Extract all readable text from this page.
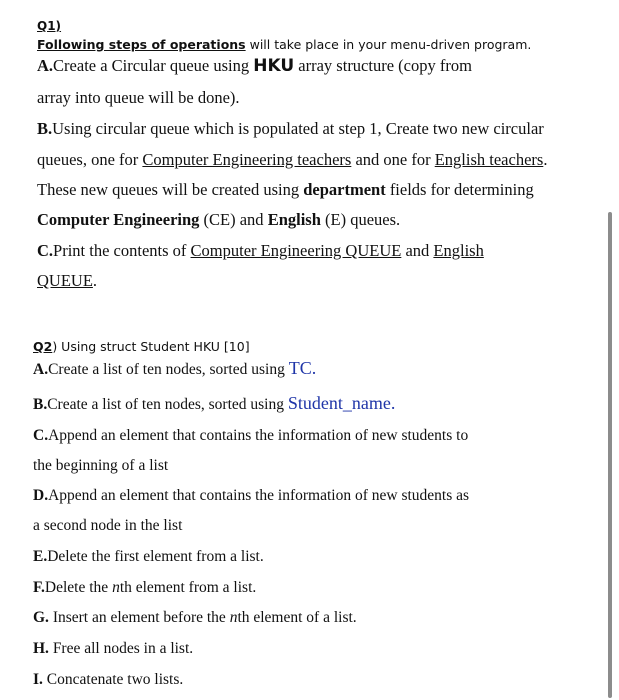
Q1)
Following steps of operations will take place in your menu-driven program.
A.Create a Circular queue using HKU array structure (copy from
array into queue will be done).
B.Using circular queue which is populated at step 1, Create two new circular
queues, one for Computer Engineering teachers and one for English teachers.
These new queues will be created using department fields for determining
Computer Engineering (CE) and English (E) queues.
C.Print the contents of Computer Engineering QUEUE and English
QUEUE.
Q2) Using struct Student HKU [10]
A.Create a list of ten nodes, sorted using TC.
B.Create a list of ten nodes, sorted using Student_name.
C.Append an element that contains the information of new students to
the beginning of a list
D.Append an element that contains the information of new students as
a second node in the list
E.Delete the first element from a list.
F.Delete the nth element from a list.
G. Insert an element before the nth element of a list.
H. Free all nodes in a list.
I. Concatenate two lists.
